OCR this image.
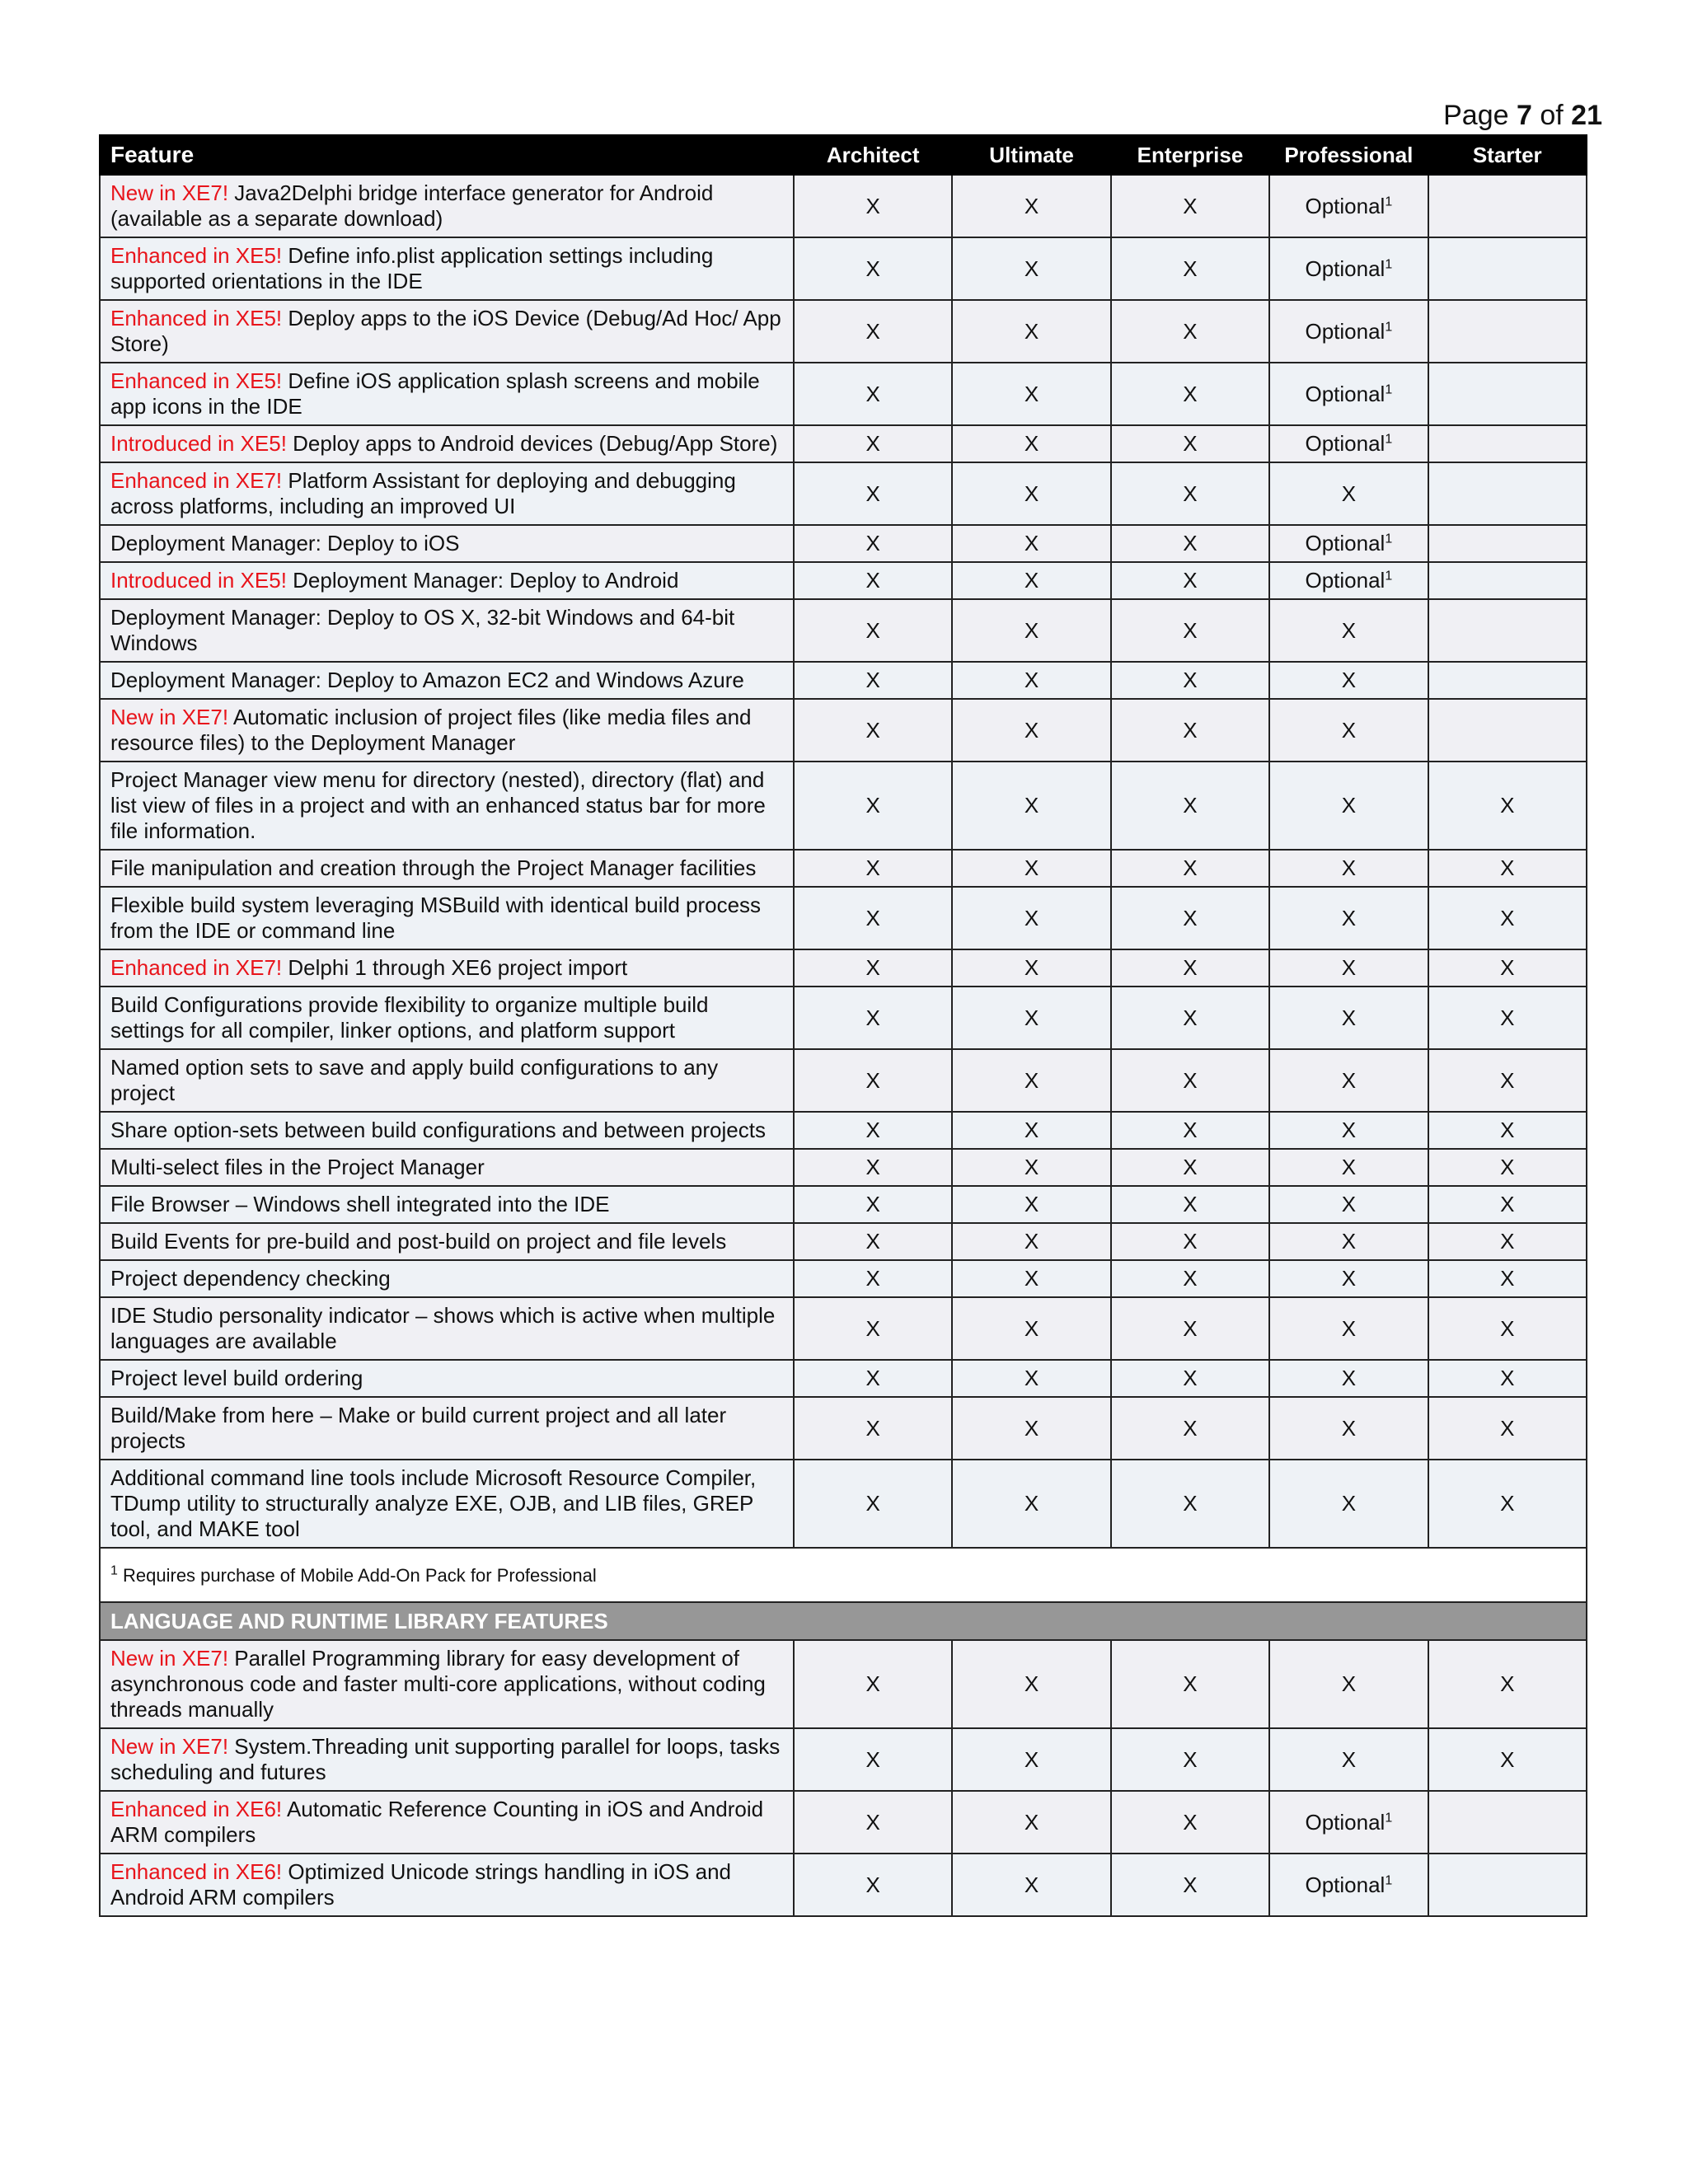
Page 7 of 21
Feature	Architect	Ultimate	Enterprise	Professional	Starter
New in XE7! Java2Delphi bridge interface generator for Android (available as a separate download)	X	X	X	Optional$^1$	
Enhanced in XE5! Define info.plist application settings including supported orientations in the IDE	X	X	X	Optional$^1$	
Enhanced in XE5! Deploy apps to the iOS Device (Debug/Ad Hoc/ App Store)	X	X	X	Optional$^1$	
Enhanced in XE5! Define iOS application splash screens and mobile app icons in the IDE	X	X	X	Optional$^1$	
Introduced in XE5! Deploy apps to Android devices (Debug/App Store)	X	X	X	Optional$^1$	
Enhanced in XE7! Platform Assistant for deploying and debugging across platforms, including an improved UI	X	X	X	X	
Deployment Manager: Deploy to iOS	X	X	X	Optional$^1$	
Introduced in XE5! Deployment Manager: Deploy to Android	X	X	X	Optional$^1$	
Deployment Manager: Deploy to OS X, 32-bit Windows and 64-bit Windows	X	X	X	X	
Deployment Manager: Deploy to Amazon EC2 and Windows Azure	X	X	X	X	
New in XE7! Automatic inclusion of project files (like media files and resource files) to the Deployment Manager	X	X	X	X	
Project Manager view menu for directory (nested), directory (flat) and list view of files in a project and with an enhanced status bar for more file information.	X	X	X	X	X
File manipulation and creation through the Project Manager facilities	X	X	X	X	X
Flexible build system leveraging MSBuild with identical build process from the IDE or command line	X	X	X	X	X
Enhanced in XE7! Delphi 1 through XE6 project import	X	X	X	X	X
Build Configurations provide flexibility to organize multiple build settings for all compiler, linker options, and platform support	X	X	X	X	X
Named option sets to save and apply build configurations to any project	X	X	X	X	X
Share option-sets between build configurations and between projects	X	X	X	X	X
Multi-select files in the Project Manager	X	X	X	X	X
File Browser – Windows shell integrated into the IDE	X	X	X	X	X
Build Events for pre-build and post-build on project and file levels	X	X	X	X	X
Project dependency checking	X	X	X	X	X
IDE Studio personality indicator – shows which is active when multiple languages are available	X	X	X	X	X
Project level build ordering	X	X	X	X	X
Build/Make from here – Make or build current project and all later projects	X	X	X	X	X
Additional command line tools include Microsoft Resource Compiler, TDump utility to structurally analyze EXE, OJB, and LIB files, GREP tool, and MAKE tool	X	X	X	X	X
$^1$ Requires purchase of Mobile Add-On Pack for Professional					
LANGUAGE AND RUNTIME LIBRARY FEATURES					
New in XE7! Parallel Programming library for easy development of asynchronous code and faster multi-core applications, without coding threads manually	X	X	X	X	X
New in XE7! System.Threading unit supporting parallel for loops, tasks scheduling and futures	X	X	X	X	X
Enhanced in XE6! Automatic Reference Counting in iOS and Android ARM compilers	X	X	X	Optional$^1$	
Enhanced in XE6! Optimized Unicode strings handling in iOS and Android ARM compilers	X	X	X	Optional$^1$	
